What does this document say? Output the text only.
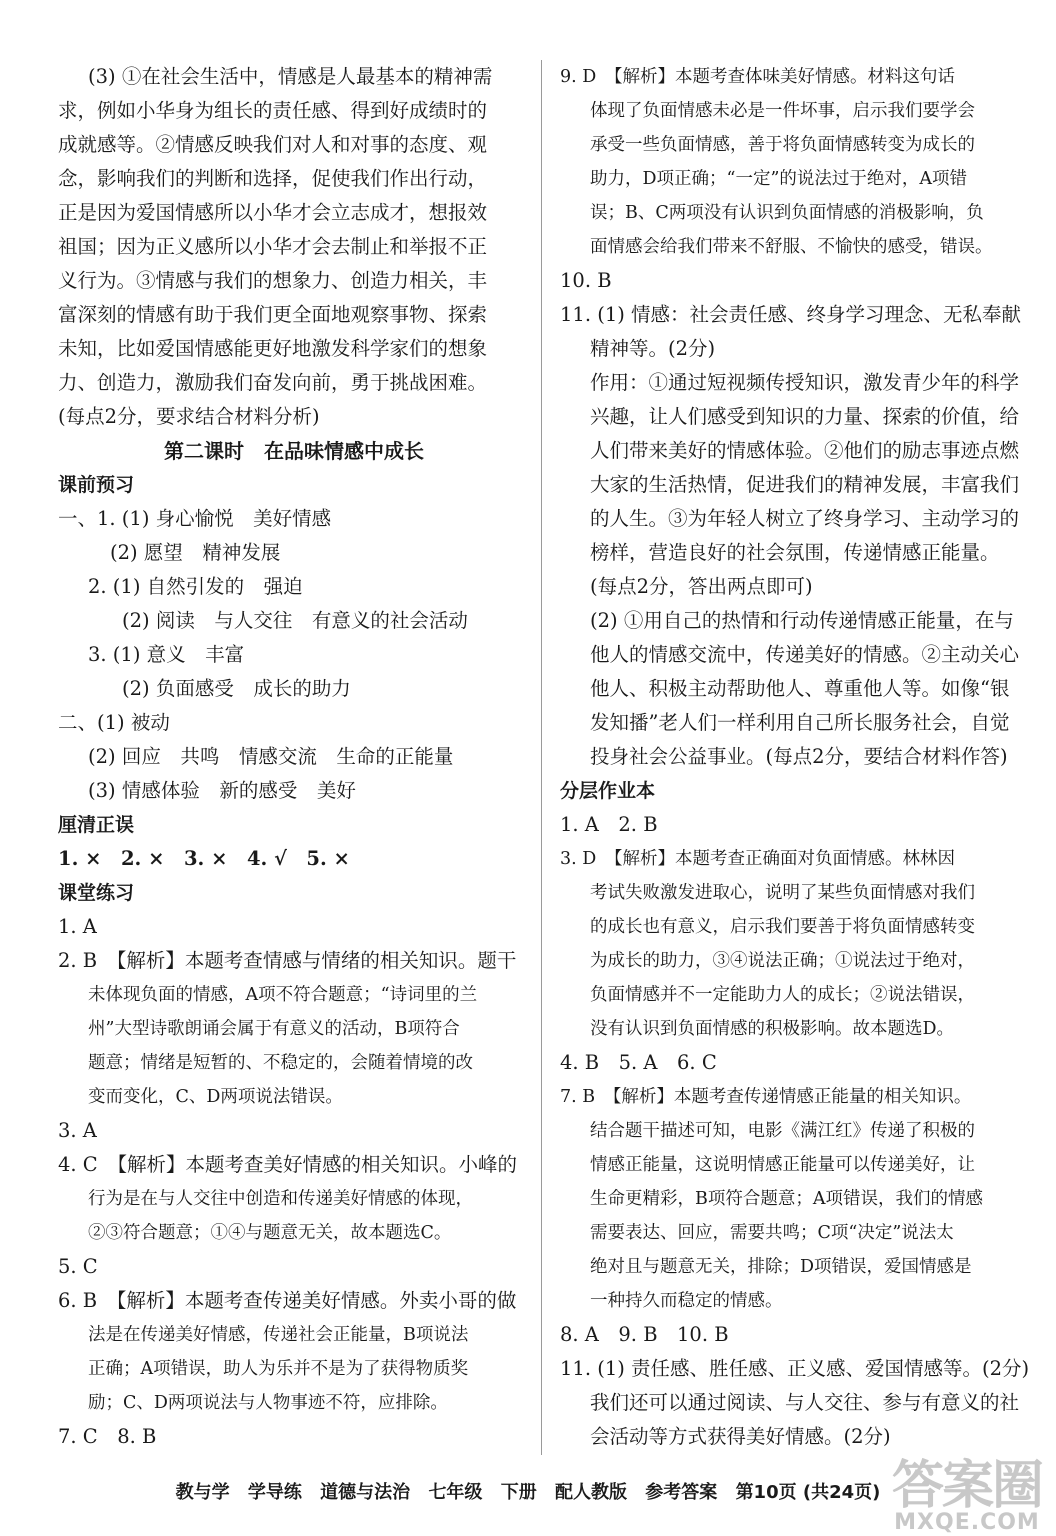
(3) ①在社会生活中，情感是人最基本的精神需
求，例如小华身为组长的责任感、得到好成绩时的
成就感等。②情感反映我们对人和对事的态度、观
念，影响我们的判断和选择，促使我们作出行动，
正是因为爱国情感所以小华才会立志成才，想报效
祖国；因为正义感所以小华才会去制止和举报不正
义行为。③情感与我们的想象力、创造力相关，丰
富深刻的情感有助于我们更全面地观察事物、探索
未知，比如爱国情感能更好地激发科学家们的想象
力、创造力，激励我们奋发向前，勇于挑战困难。
(每点2分，要求结合材料分析)
第二课时　在品味情感中成长
课前预习
一、1. (1) 身心愉悦　美好情感
(2) 愿望　精神发展
2. (1) 自然引发的　强迫
(2) 阅读　与人交往　有意义的社会活动
3. (1) 意义　丰富
(2) 负面感受　成长的助力
二、(1) 被动
(2) 回应　共鸣　情感交流　生命的正能量
(3) 情感体验　新的感受　美好
厘清正误
1. ×　2. ×　3. ×　4. √　5. ×
课堂练习
1. A
2. B　【解析】本题考查情感与情绪的相关知识。题干
未体现负面的情感，A项不符合题意；“诗词里的兰
州”大型诗歌朗诵会属于有意义的活动，B项符合
题意；情绪是短暂的、不稳定的，会随着情境的改
变而变化，C、D两项说法错误。
3. A
4. C　【解析】本题考查美好情感的相关知识。小峰的
行为是在与人交往中创造和传递美好情感的体现，
②③符合题意；①④与题意无关，故本题选C。
5. C
6. B　【解析】本题考查传递美好情感。外卖小哥的做
法是在传递美好情感，传递社会正能量，B项说法
正确；A项错误，助人为乐并不是为了获得物质奖
励；C、D两项说法与人物事迹不符，应排除。
7. C　8. B
9. D　【解析】本题考查体味美好情感。材料这句话
体现了负面情感未必是一件坏事，启示我们要学会
承受一些负面情感，善于将负面情感转变为成长的
助力，D项正确；“一定”的说法过于绝对，A项错
误；B、C两项没有认识到负面情感的消极影响，负
面情感会给我们带来不舒服、不愉快的感受，错误。
10. B
11. (1) 情感：社会责任感、终身学习理念、无私奉献
精神等。(2分)
作用：①通过短视频传授知识，激发青少年的科学
兴趣，让人们感受到知识的力量、探索的价值，给
人们带来美好的情感体验。②他们的励志事迹点燃
大家的生活热情，促进我们的精神发展，丰富我们
的人生。③为年轻人树立了终身学习、主动学习的
榜样，营造良好的社会氛围，传递情感正能量。
(每点2分，答出两点即可)
(2) ①用自己的热情和行动传递情感正能量，在与
他人的情感交流中，传递美好的情感。②主动关心
他人、积极主动帮助他人、尊重他人等。如像“银
发知播”老人们一样利用自己所长服务社会，自觉
投身社会公益事业。(每点2分，要结合材料作答)
分层作业本
1. A　2. B
3. D　【解析】本题考查正确面对负面情感。林林因
考试失败激发进取心，说明了某些负面情感对我们
的成长也有意义，启示我们要善于将负面情感转变
为成长的助力，③④说法正确；①说法过于绝对，
负面情感并不一定能助力人的成长；②说法错误，
没有认识到负面情感的积极影响。故本题选D。
4. B　5. A　6. C
7. B　【解析】本题考查传递情感正能量的相关知识。
结合题干描述可知，电影《满江红》传递了积极的
情感正能量，这说明情感正能量可以传递美好，让
生命更精彩，B项符合题意；A项错误，我们的情感
需要表达、回应，需要共鸣；C项“决定”说法太
绝对且与题意无关，排除；D项错误，爱国情感是
一种持久而稳定的情感。
8. A　9. B　10. B
11. (1) 责任感、胜任感、正义感、爱国情感等。(2分)
我们还可以通过阅读、与人交往、参与有意义的社
会活动等方式获得美好情感。(2分)
教与学 学导练 道德与法治 七年级 下册 配人教版 参考答案 第10页 (共24页) 答案圈
MXQE.COM
